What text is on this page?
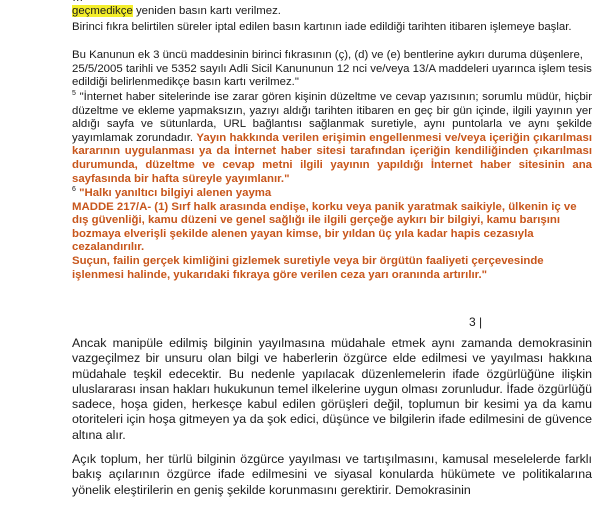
geçmedikçe yeniden basın kartı verilmez.

Birinci fıkra belirtilen süreler iptal edilen basın kartının iade edildiği tarihten itibaren işlemeye başlar.

Bu Kanunun ek 3 üncü maddesinin birinci fıkrasının (ç), (d) ve (e) bentlerine aykırı duruma düşenlere, 25/5/2005 tarihli ve 5352 sayılı Adli Sicil Kanununun 12 nci ve/veya 13/A maddeleri uyarınca işlem tesis edildiği belirlenmedikçe basın kartı verilmez."

$^5$ "İnternet haber sitelerinde ise zarar gören kişinin düzeltme ve cevap yazısının; sorumlu müdür, hiçbir düzeltme ve ekleme yapmaksızın, yazıyı aldığı tarihten itibaren en geç bir gün içinde, ilgili yayının yer aldığı sayfa ve sütunlarda, URL bağlantısı sağlanmak suretiyle, aynı puntolarla ve aynı şekilde yayımlamak zorundadır. Yayın hakkında verilen erişimin engellenmesi ve/veya içeriğin çıkarılması kararının uygulanması ya da İnternet haber sitesi tarafından içeriğin kendiliğinden çıkarılması durumunda, düzeltme ve cevap metni ilgili yayının yapıldığı İnternet haber sitesinin ana sayfasında bir hafta süreyle yayımlanır."

$^6$ "Halkı yanıltıcı bilgiyi alenen yayma

MADDE 217/A- (1) Sırf halk arasında endişe, korku veya panik yaratmak saikiyle, ülkenin iç ve dış güvenliği, kamu düzeni ve genel sağlığı ile ilgili gerçeğe aykırı bir bilgiyi, kamu barışını bozmaya elverişli şekilde alenen yayan kimse, bir yıldan üç yıla kadar hapis cezasıyla cezalandırılır.

Suçun, failin gerçek kimliğini gizlemek suretiyle veya bir örgütün faaliyeti çerçevesinde işlenmesi halinde, yukarıdaki fıkraya göre verilen ceza yarı oranında artırılır."

3 |

Ancak manipüle edilmiş bilginin yayılmasına müdahale etmek aynı zamanda demokrasinin vazgeçilmez bir unsuru olan bilgi ve haberlerin özgürce elde edilmesi ve yayılması hakkına müdahale teşkil edecektir. Bu nedenle yapılacak düzenlemelerin ifade özgürlüğüne ilişkin uluslararası insan hakları hukukunun temel ilkelerine uygun olması zorunludur. İfade özgürlüğü sadece, hoşa giden, herkesçe kabul edilen görüşleri değil, toplumun bir kesimi ya da kamu otoriteleri için hoşa gitmeyen ya da şok edici, düşünce ve bilgilerin ifade edilmesini de güvence altına alır.

Açık toplum, her türlü bilginin özgürce yayılması ve tartışılmasını, kamusal meselelerde farklı bakış açılarının özgürce ifade edilmesini ve siyasal konularda hükümete ve politikalarına yönelik eleştirilerin en geniş şekilde korunmasını gerektirir. Demokrasinin
